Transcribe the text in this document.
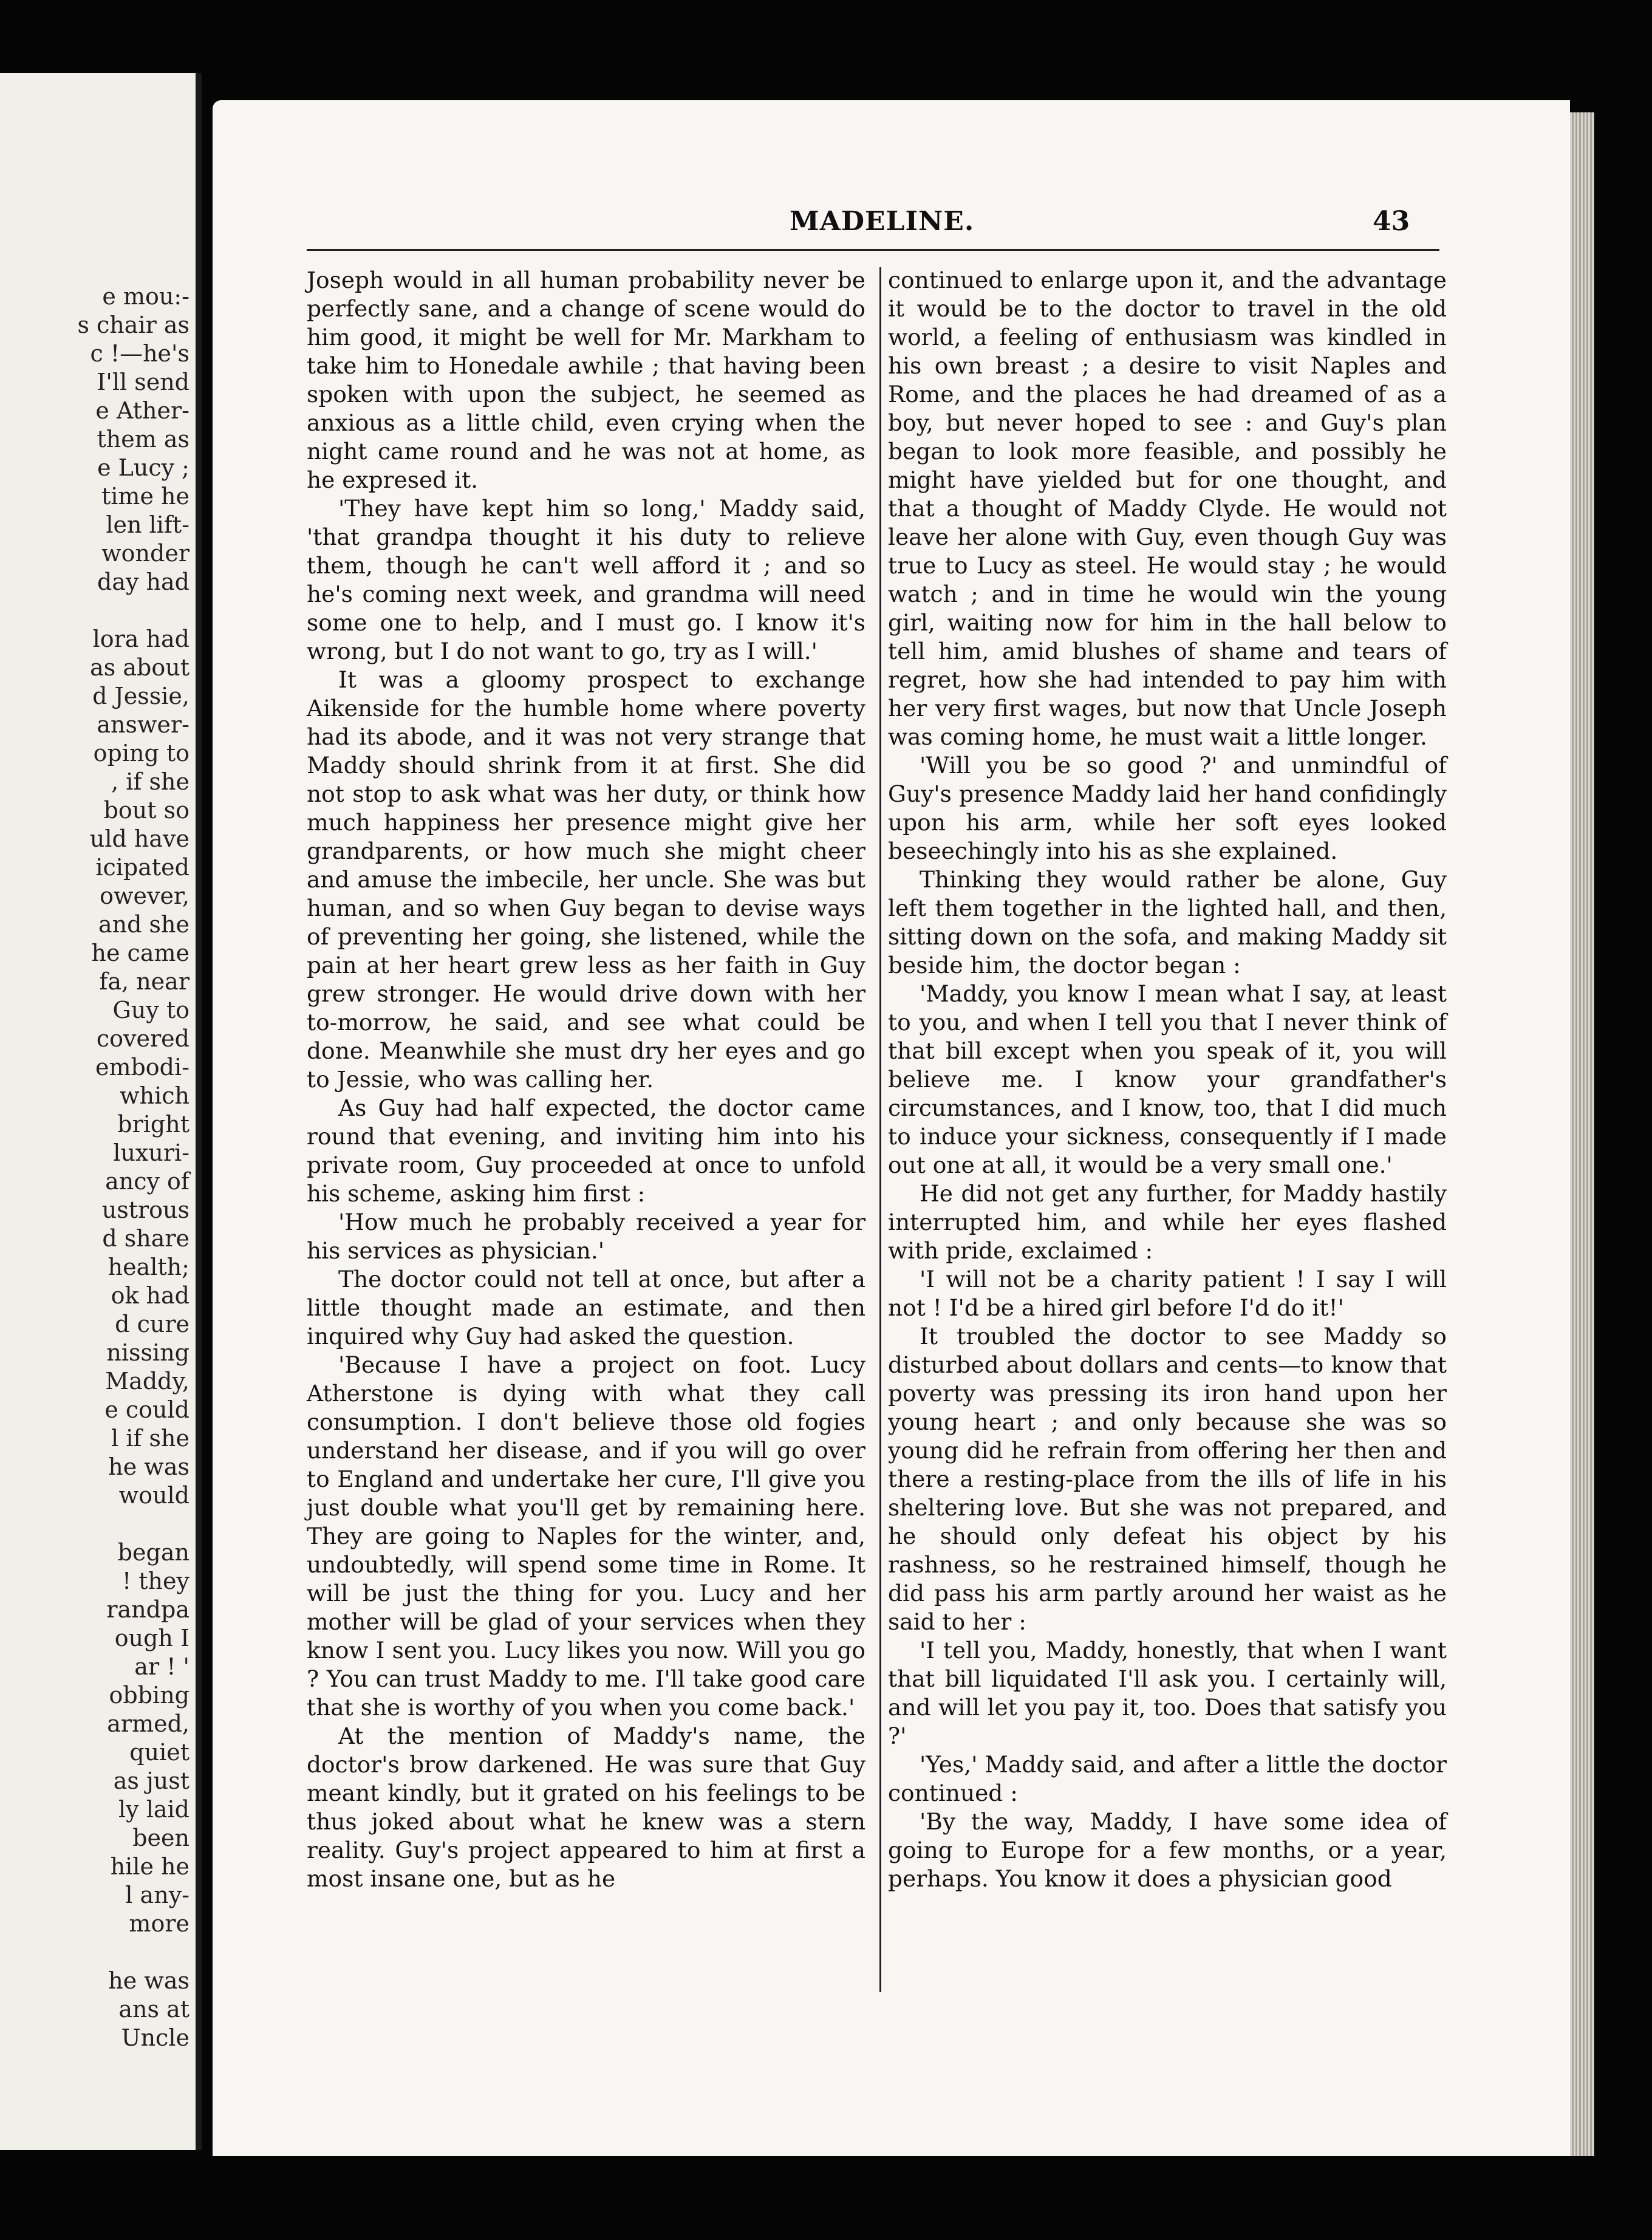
e mou:-
s chair as
c !—he's
I'll send
e Ather-
them as
e Lucy ;
time he
len lift-
wonder
day had

lora had
as about
d Jessie,
answer-
oping to
, if she
bout so
uld have
icipated
owever,
and she
he came
fa, near
Guy to
covered
embodi-
which
bright
luxuri-
ancy of
ustrous
d share
health;
ok had
d cure
nissing
Maddy,
e could
l if she
he was
would

began
! they
randpa
ough I
ar ! '
obbing
armed,
quiet
as just
ly laid
been
hile he
l any-
more

he was
ans at
Uncle
MADELINE.	43

Joseph would in all human probability never be perfectly sane, and a change of scene would do him good, it might be well for Mr. Markham to take him to Honedale awhile ; that having been spoken with upon the subject, he seemed as anxious as a little child, even crying when the night came round and he was not at home, as he expresed it.

'They have kept him so long,' Maddy said, 'that grandpa thought it his duty to relieve them, though he can't well afford it ; and so he's coming next week, and grandma will need some one to help, and I must go. I know it's wrong, but I do not want to go, try as I will.'

It was a gloomy prospect to exchange Aikenside for the humble home where poverty had its abode, and it was not very strange that Maddy should shrink from it at first. She did not stop to ask what was her duty, or think how much happiness her presence might give her grandparents, or how much she might cheer and amuse the imbecile, her uncle. She was but human, and so when Guy began to devise ways of preventing her going, she listened, while the pain at her heart grew less as her faith in Guy grew stronger. He would drive down with her to-morrow, he said, and see what could be done. Meanwhile she must dry her eyes and go to Jessie, who was calling her.

As Guy had half expected, the doctor came round that evening, and inviting him into his private room, Guy proceeded at once to unfold his scheme, asking him first :

'How much he probably received a year for his services as physician.'

The doctor could not tell at once, but after a little thought made an estimate, and then inquired why Guy had asked the question.

'Because I have a project on foot. Lucy Atherstone is dying with what they call consumption. I don't believe those old fogies understand her disease, and if you will go over to England and undertake her cure, I'll give you just double what you'll get by remaining here. They are going to Naples for the winter, and, undoubtedly, will spend some time in Rome. It will be just the thing for you. Lucy and her mother will be glad of your services when they know I sent you. Lucy likes you now. Will you go ? You can trust Maddy to me. I'll take good care that she is worthy of you when you come back.'

At the mention of Maddy's name, the doctor's brow darkened. He was sure that Guy meant kindly, but it grated on his feelings to be thus joked about what he knew was a stern reality. Guy's project appeared to him at first a most insane one, but as he

continued to enlarge upon it, and the advantage it would be to the doctor to travel in the old world, a feeling of enthusiasm was kindled in his own breast ; a desire to visit Naples and Rome, and the places he had dreamed of as a boy, but never hoped to see : and Guy's plan began to look more feasible, and possibly he might have yielded but for one thought, and that a thought of Maddy Clyde. He would not leave her alone with Guy, even though Guy was true to Lucy as steel. He would stay ; he would watch ; and in time he would win the young girl, waiting now for him in the hall below to tell him, amid blushes of shame and tears of regret, how she had intended to pay him with her very first wages, but now that Uncle Joseph was coming home, he must wait a little longer.

'Will you be so good ?' and unmindful of Guy's presence Maddy laid her hand confidingly upon his arm, while her soft eyes looked beseechingly into his as she explained.

Thinking they would rather be alone, Guy left them together in the lighted hall, and then, sitting down on the sofa, and making Maddy sit beside him, the doctor began :

'Maddy, you know I mean what I say, at least to you, and when I tell you that I never think of that bill except when you speak of it, you will believe me. I know your grandfather's circumstances, and I know, too, that I did much to induce your sickness, consequently if I made out one at all, it would be a very small one.'

He did not get any further, for Maddy hastily interrupted him, and while her eyes flashed with pride, exclaimed :

'I will not be a charity patient ! I say I will not ! I'd be a hired girl before I'd do it!'

It troubled the doctor to see Maddy so disturbed about dollars and cents—to know that poverty was pressing its iron hand upon her young heart ; and only because she was so young did he refrain from offering her then and there a resting-place from the ills of life in his sheltering love. But she was not prepared, and he should only defeat his object by his rashness, so he restrained himself, though he did pass his arm partly around her waist as he said to her :

'I tell you, Maddy, honestly, that when I want that bill liquidated I'll ask you. I certainly will, and will let you pay it, too. Does that satisfy you ?'

'Yes,' Maddy said, and after a little the doctor continued :

'By the way, Maddy, I have some idea of going to Europe for a few months, or a year, perhaps. You know it does a physician good
